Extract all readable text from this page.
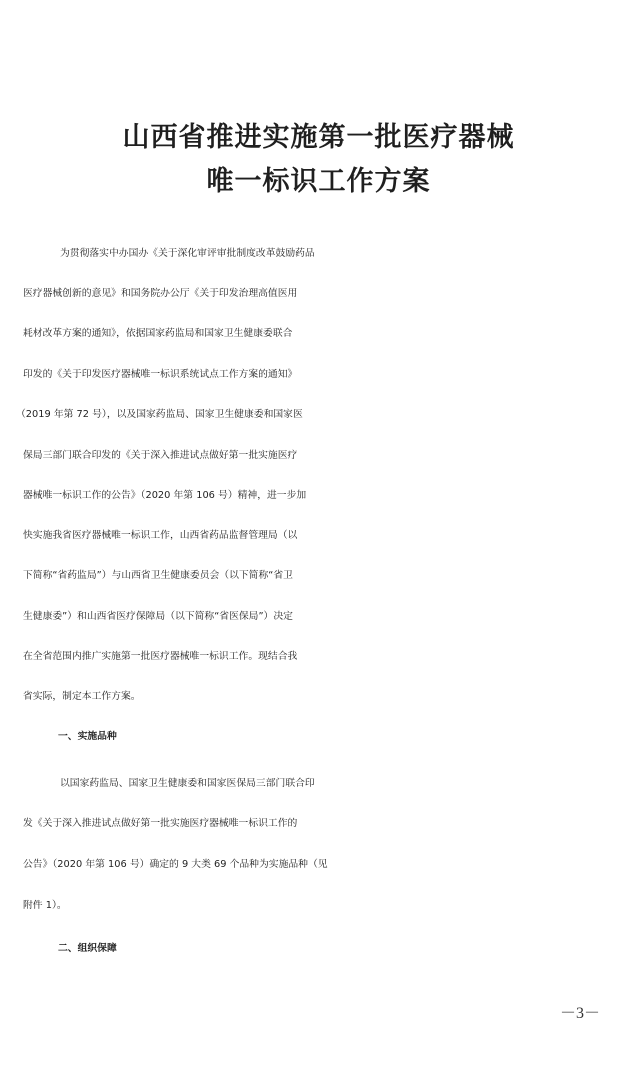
山西省推进实施第一批医疗器械
唯一标识工作方案
为贯彻落实中办国办《关于深化审评审批制度改革鼓励药品
医疗器械创新的意见》和国务院办公厅《关于印发治理高值医用
耗材改革方案的通知》，依据国家药监局和国家卫生健康委联合
印发的《关于印发医疗器械唯一标识系统试点工作方案的通知》
（2019 年第 72 号），以及国家药监局、国家卫生健康委和国家医
保局三部门联合印发的《关于深入推进试点做好第一批实施医疗
器械唯一标识工作的公告》（2020 年第 106 号）精神，进一步加
快实施我省医疗器械唯一标识工作，山西省药品监督管理局（以
下简称“省药监局”）与山西省卫生健康委员会（以下简称“省卫
生健康委”）和山西省医疗保障局（以下简称“省医保局”）决定
在全省范围内推广实施第一批医疗器械唯一标识工作。现结合我
省实际，制定本工作方案。
一、实施品种
以国家药监局、国家卫生健康委和国家医保局三部门联合印
发《关于深入推进试点做好第一批实施医疗器械唯一标识工作的
公告》（2020 年第 106 号）确定的 9 大类 69 个品种为实施品种（见
附件 1）。
二、组织保障
－3－
